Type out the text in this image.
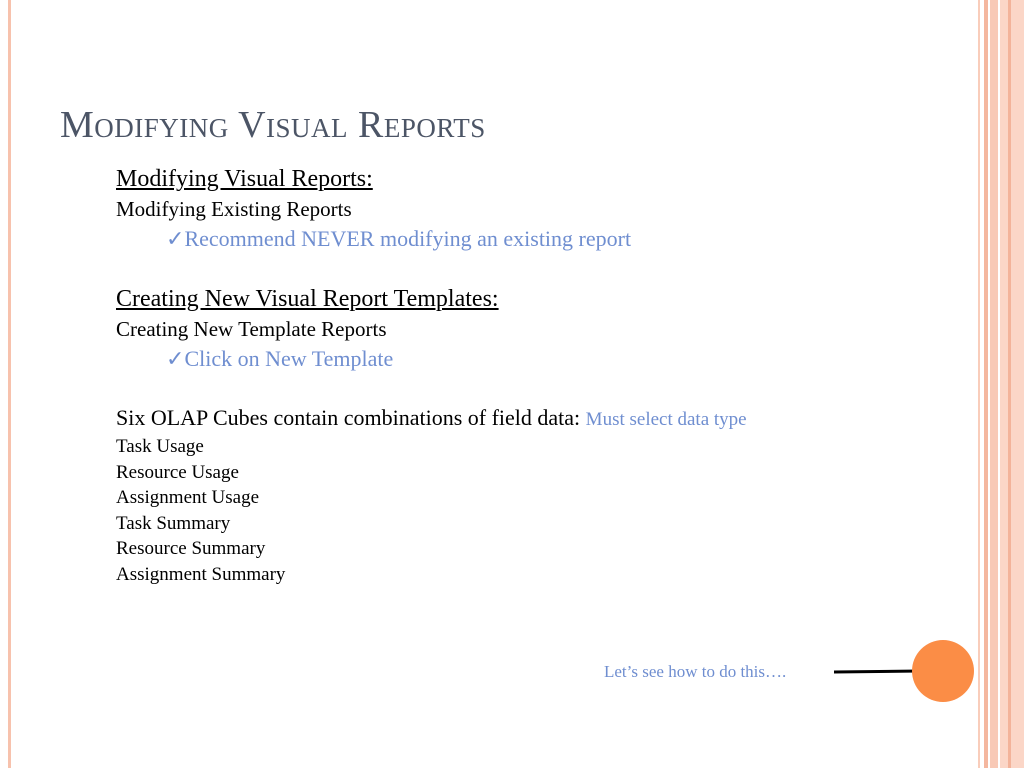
Modifying Visual Reports
Modifying Visual Reports:
Modifying Existing Reports
✓Recommend NEVER modifying an existing report
Creating New Visual Report Templates:
Creating New Template Reports
✓Click on New Template
Six OLAP Cubes contain combinations of field data: Must select data type
Task Usage
Resource Usage
Assignment Usage
Task Summary
Resource Summary
Assignment Summary
Let’s see how to do this….
